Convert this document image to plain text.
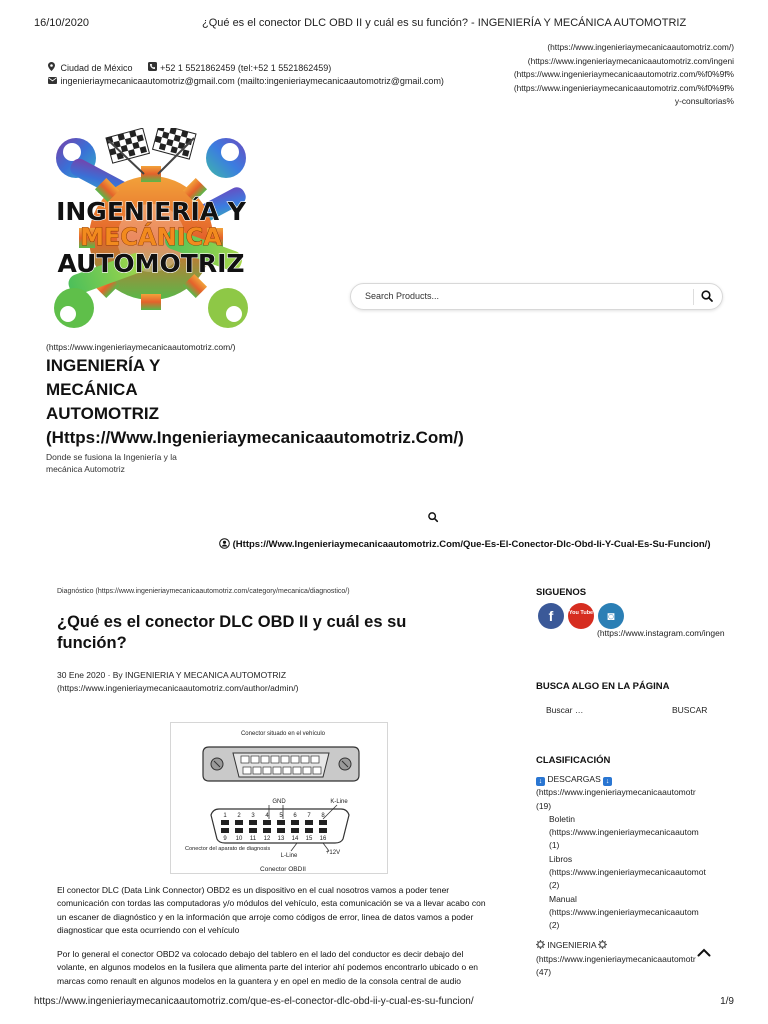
16/10/2020	¿Qué es el conector DLC OBD II y cuál es su función? - INGENIERÍA Y MECÁNICA AUTOMOTRIZ
Ciudad de México	+52 1 5521862459 (tel:+52 1 5521862459)
ingenieriaymecanicaautomotriz@gmail.com (mailto:ingenieriaymecanicaautomotriz@gmail.com)
(https://www.ingenieriaymecanicaautomotriz.com/)
(https://www.ingenieriaymecanicaautomotriz.com/ingeni
(https://www.ingenieriaymecanicaautomotriz.com/%f0%9f%
(https://www.ingenieriaymecanicaautomotriz.com/%f0%9f%
y-consultorias%
INGENIERÍA Y
MECÁNICA
AUTOMOTRIZ
(https://www.ingenieriaymecanicaautomotriz.com/)
INGENIERÍA Y
MECÁNICA
AUTOMOTRIZ
(Https://Www.Ingenieriaymecanicaautomotriz.Com/)
Donde se fusiona la Ingeniería y la mecánica Automotriz
Search Products...
(Https://Www.Ingenieriaymecanicaautomotriz.Com/Que-Es-El-Conector-Dlc-Obd-Ii-Y-Cual-Es-Su-Funcion/)
Diagnóstico (https://www.ingenieriaymecanicaautomotriz.com/category/mecanica/diagnostico/)
¿Qué es el conector DLC OBD II y cuál es su función?
30 Ene 2020 · By INGENIERIA Y MECANICA AUTOMOTRIZ
(https://www.ingenieriaymecanicaautomotriz.com/author/admin/)
Conector situado en el vehículo
GND	K-Line
1 2 3 4 5 6 7 8
9 10 11 12 13 14 15 16
Conector del aparato de diagnosis
L-Line	+12V
Conector OBDII
El conector DLC (Data Link Connector) OBD2 es un dispositivo en el cual nosotros vamos a poder tener comunicación con tordas las computadoras y/o módulos del vehículo, esta comunicación se va a llevar acabo con un escaner de diagnóstico y en la información que arroje como códigos de error, linea de datos vamos a poder diagnosticar que esta ocurriendo con el vehículo
Por lo general el conector OBD2 va colocado debajo del tablero en el lado del conductor es decir debajo del volante, en algunos modelos en la fusilera que alimenta parte del interior ahí podemos encontrarlo ubicado o en marcas como renault en algunos modelos en la guantera y en opel en medio de la consola central de audio
SIGUENOS
f	You Tube	◙
(https://www.instagram.com/ingen
BUSCA ALGO EN LA PÁGINA
Buscar …	BUSCAR
CLASIFICACIÓN
↓ DESCARGAS ↓
(https://www.ingenieriaymecanicaautomotr
(19)
Boletin
(https://www.ingenieriaymecanicaautom
(1)
Libros
(https://www.ingenieriaymecanicaautomot
(2)
Manual
(https://www.ingenieriaymecanicaautom
(2)
INGENIERIA
(https://www.ingenieriaymecanicaautomotr
(47)
https://www.ingenieriaymecanicaautomotriz.com/que-es-el-conector-dlc-obd-ii-y-cual-es-su-funcion/	1/9
